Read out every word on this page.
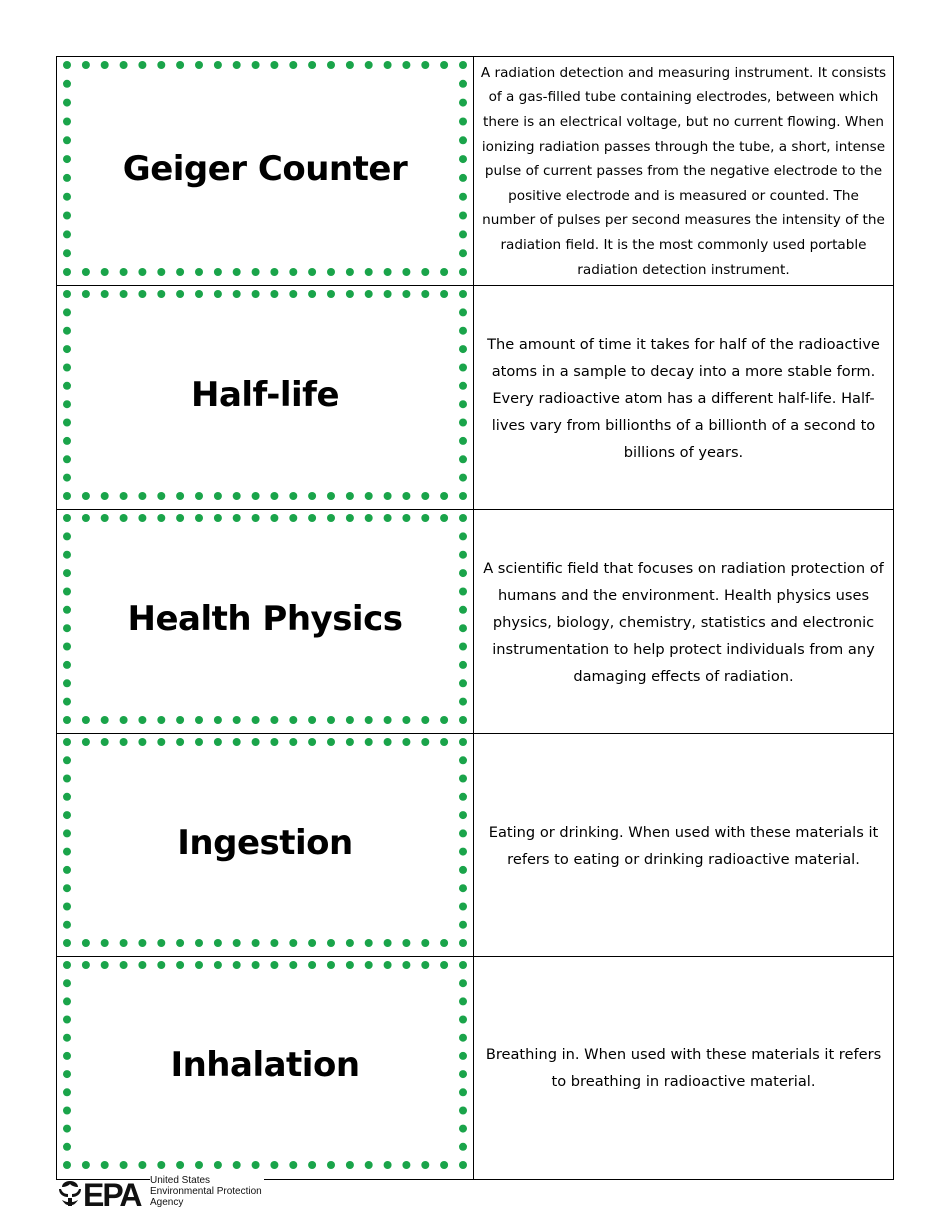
Geiger Counter
A radiation detection and measuring instrument. It consists of a gas-filled tube containing electrodes, between which there is an electrical voltage, but no current flowing. When ionizing radiation passes through the tube, a short, intense pulse of current passes from the negative electrode to the positive electrode and is measured or counted. The number of pulses per second measures the intensity of the radiation field. It is the most commonly used portable radiation detection instrument.
Half-life
The amount of time it takes for half of the radioactive atoms in a sample to decay into a more stable form. Every radioactive atom has a different half-life. Half-lives vary from billionths of a billionth of a second to billions of years.
Health Physics
A scientific field that focuses on radiation protection of humans and the environment. Health physics uses physics, biology, chemistry, statistics and electronic instrumentation to help protect individuals from any damaging effects of radiation.
Ingestion	Eating or drinking. When used with these materials it refers to eating or drinking radioactive material.
Inhalation	Breathing in. When used with these materials it refers to breathing in radioactive material.
EPA United States
Environmental Protection
Agency
